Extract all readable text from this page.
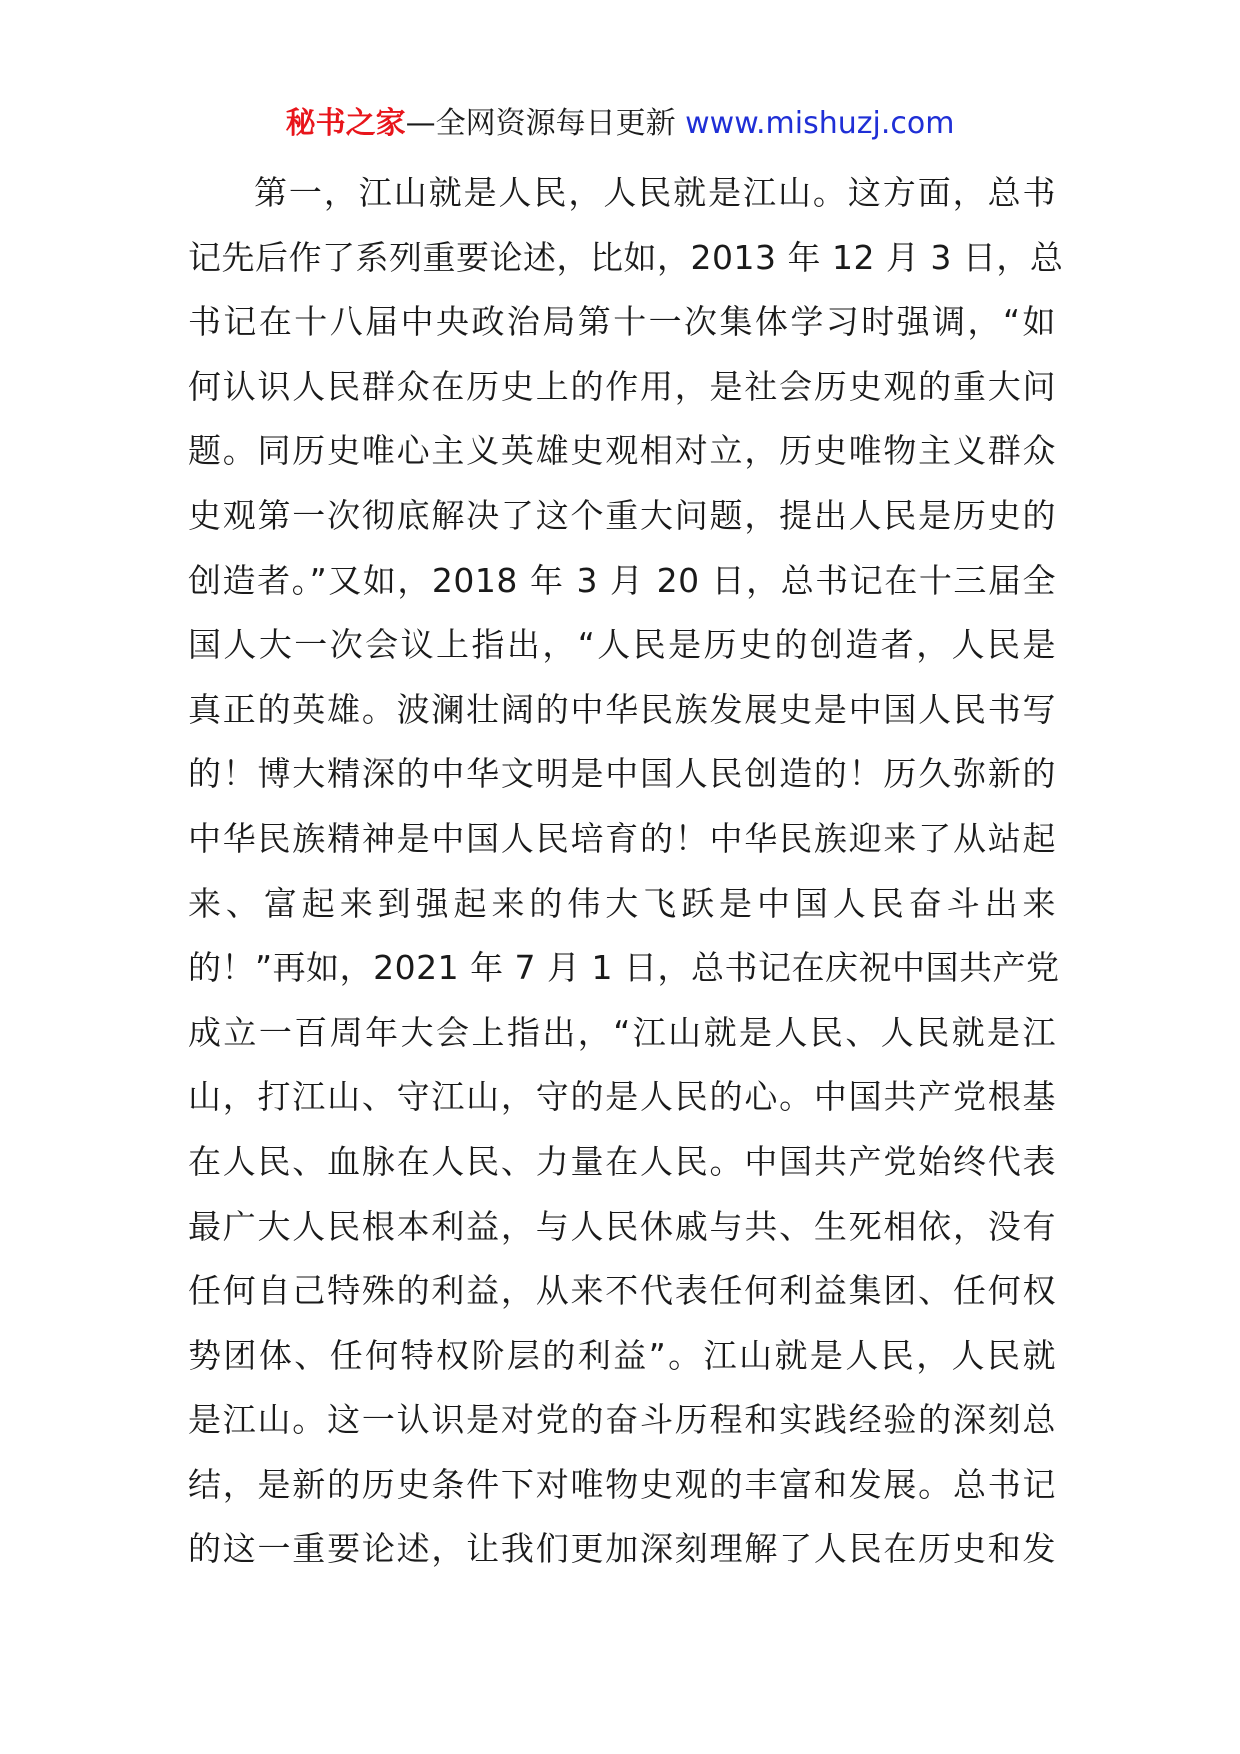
秘书之家—全网资源每日更新 www.mishuzj.com
第一，江山就是人民，人民就是江山。这方面，总书
记先后作了系列重要论述，比如，2013 年 12 月 3 日，总
书记在十八届中央政治局第十一次集体学习时强调，“如
何认识人民群众在历史上的作用，是社会历史观的重大问
题。同历史唯心主义英雄史观相对立，历史唯物主义群众
史观第一次彻底解决了这个重大问题，提出人民是历史的
创造者。”又如，2018 年 3 月 20 日，总书记在十三届全
国人大一次会议上指出，“人民是历史的创造者，人民是
真正的英雄。波澜壮阔的中华民族发展史是中国人民书写
的！博大精深的中华文明是中国人民创造的！历久弥新的
中华民族精神是中国人民培育的！中华民族迎来了从站起
来、富起来到强起来的伟大飞跃是中国人民奋斗出来
的！”再如，2021 年 7 月 1 日，总书记在庆祝中国共产党
成立一百周年大会上指出，“江山就是人民、人民就是江
山，打江山、守江山，守的是人民的心。中国共产党根基
在人民、血脉在人民、力量在人民。中国共产党始终代表
最广大人民根本利益，与人民休戚与共、生死相依，没有
任何自己特殊的利益，从来不代表任何利益集团、任何权
势团体、任何特权阶层的利益”。江山就是人民，人民就
是江山。这一认识是对党的奋斗历程和实践经验的深刻总
结，是新的历史条件下对唯物史观的丰富和发展。总书记
的这一重要论述，让我们更加深刻理解了人民在历史和发
